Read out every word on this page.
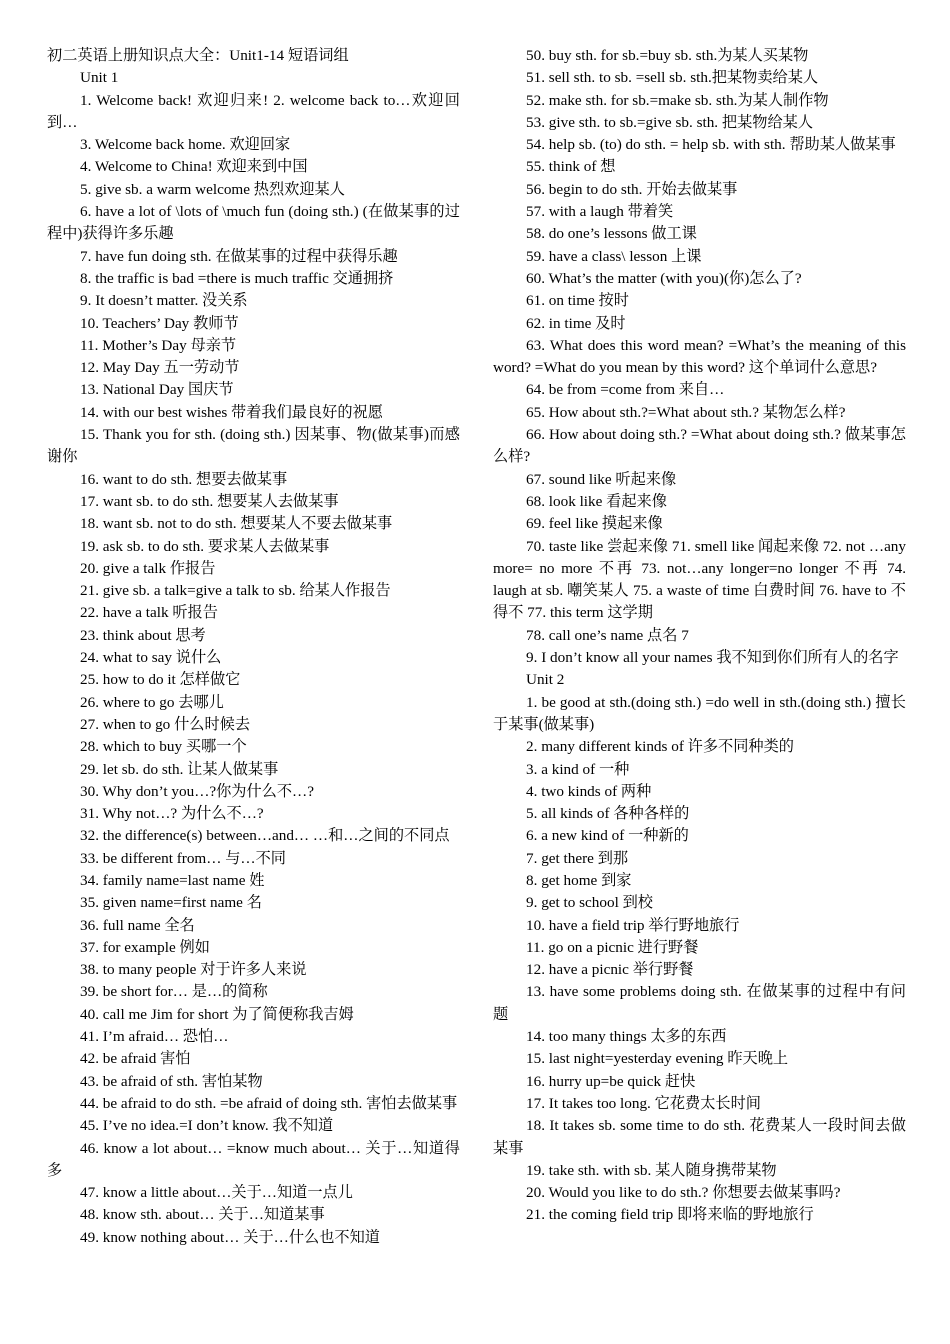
初二英语上册知识点大全：Unit1-14 短语词组

Unit 1

1. Welcome back! 欢迎归来! 2. welcome back to…欢迎回到…

3. Welcome back home. 欢迎回家

4. Welcome to China! 欢迎来到中国

5. give sb. a warm welcome 热烈欢迎某人

6. have a lot of \lots of \much fun (doing sth.) (在做某事的过程中)获得许多乐趣

7. have fun doing sth. 在做某事的过程中获得乐趣

8. the traffic is bad =there is much traffic 交通拥挤

9. It doesn’t matter. 没关系

10. Teachers’ Day 教师节

11. Mother’s Day 母亲节

12. May Day 五一劳动节

13. National Day 国庆节

14. with our best wishes 带着我们最良好的祝愿

15. Thank you for sth. (doing sth.) 因某事、物(做某事)而感谢你

16. want to do sth. 想要去做某事

17. want sb. to do sth. 想要某人去做某事

18. want sb. not to do sth. 想要某人不要去做某事

19. ask sb. to do sth. 要求某人去做某事

20. give a talk 作报告

21. give sb. a talk=give a talk to sb. 给某人作报告

22. have a talk 听报告

23. think about 思考

24. what to say 说什么

25. how to do it 怎样做它

26. where to go 去哪儿

27. when to go 什么时候去

28. which to buy 买哪一个

29. let sb. do sth. 让某人做某事

30. Why don’t you…?你为什么不…?

31. Why not…? 为什么不…?

32. the difference(s) between…and… …和…之间的不同点

33. be different from… 与…不同

34. family name=last name 姓

35. given name=first name 名

36. full name 全名

37. for example 例如

38. to many people 对于许多人来说

39. be short for… 是…的简称

40. call me Jim for short 为了简便称我吉姆

41. I’m afraid… 恐怕…

42. be afraid 害怕

43. be afraid of sth. 害怕某物

44. be afraid to do sth. =be afraid of doing sth. 害怕去做某事

45. I’ve no idea.=I don’t know. 我不知道

46. know a lot about… =know much about… 关于…知道得多

47. know a little about…关于…知道一点儿

48. know sth. about… 关于…知道某事

49. know nothing about… 关于…什么也不知道

50. buy sth. for sb.=buy sb. sth.为某人买某物

51. sell sth. to sb. =sell sb. sth.把某物卖给某人

52. make sth. for sb.=make sb. sth.为某人制作物

53. give sth. to sb.=give sb. sth. 把某物给某人

54. help sb. (to) do sth. = help sb. with sth. 帮助某人做某事

55. think of 想

56. begin to do sth. 开始去做某事

57. with a laugh 带着笑

58. do one’s lessons 做工课

59. have a class\ lesson 上课

60. What’s the matter (with you)(你)怎么了?

61. on time 按时

62. in time 及时

63. What does this word mean? =What’s the meaning of this word? =What do you mean by this word? 这个单词什么意思?

64. be from =come from 来自…

65. How about sth.?=What about sth.? 某物怎么样?

66. How about doing sth.? =What about doing sth.? 做某事怎么样?

67. sound like 听起来像

68. look like 看起来像

69. feel like 摸起来像

70. taste like 尝起来像 71. smell like 闻起来像 72. not …any more= no more 不再 73. not…any longer=no longer 不再 74. laugh at sb. 嘲笑某人 75. a waste of time 白费时间 76. have to 不得不 77. this term 这学期

78. call one’s name 点名 7

9. I don’t know all your names 我不知到你们所有人的名字

Unit 2

1. be good at sth.(doing sth.) =do well in sth.(doing sth.) 擅长于某事(做某事)

2. many different kinds of 许多不同种类的

3. a kind of 一种

4. two kinds of 两种

5. all kinds of 各种各样的

6. a new kind of 一种新的

7. get there 到那

8. get home 到家

9. get to school 到校

10. have a field trip 举行野地旅行

11. go on a picnic 进行野餐

12. have a picnic 举行野餐

13. have some problems doing sth. 在做某事的过程中有问题

14. too many things 太多的东西

15. last night=yesterday evening 昨天晚上

16. hurry up=be quick 赶快

17. It takes too long. 它花费太长时间

18. It takes sb. some time to do sth. 花费某人一段时间去做某事

19. take sth. with sb. 某人随身携带某物

20. Would you like to do sth.? 你想要去做某事吗?

21. the coming field trip 即将来临的野地旅行
